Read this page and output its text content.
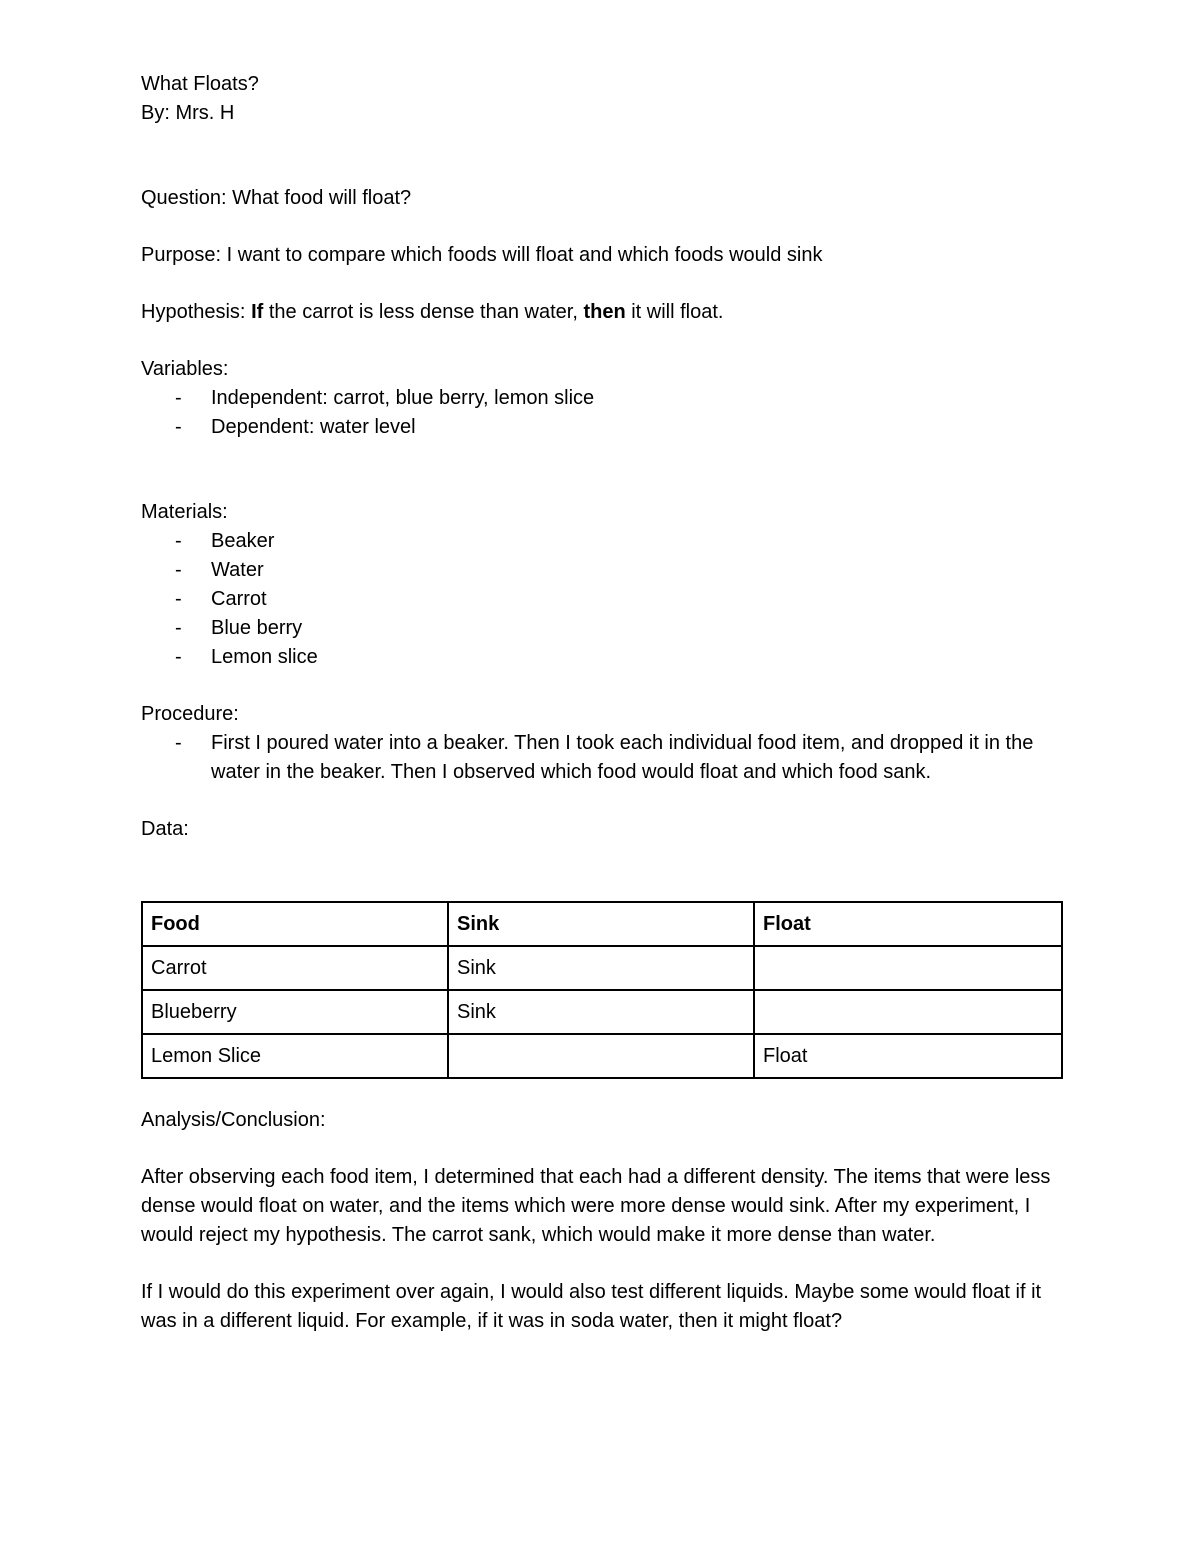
What Floats?
By: Mrs. H
Question: What food will float?
Purpose: I want to compare which foods will float and which foods would sink
Hypothesis: If the carrot is less dense than water, then it will float.
Variables:
- Independent: carrot, blue berry, lemon slice
- Dependent: water level
Materials:
- Beaker
- Water
- Carrot
- Blue berry
- Lemon slice
Procedure:
- First I poured water into a beaker. Then I took each individual food item, and dropped it in the water in the beaker. Then I observed which food would float and which food sank.
Data:
Food	Sink	Float
Carrot	Sink	
Blueberry	Sink	
Lemon Slice		Float
Analysis/Conclusion:
After observing each food item, I determined that each had a different density. The items that were less dense would float on water, and the items which were more dense would sink. After my experiment, I would reject my hypothesis. The carrot sank, which would make it more dense than water.
If I would do this experiment over again, I would also test different liquids. Maybe some would float if it was in a different liquid. For example, if it was in soda water, then it might float?
